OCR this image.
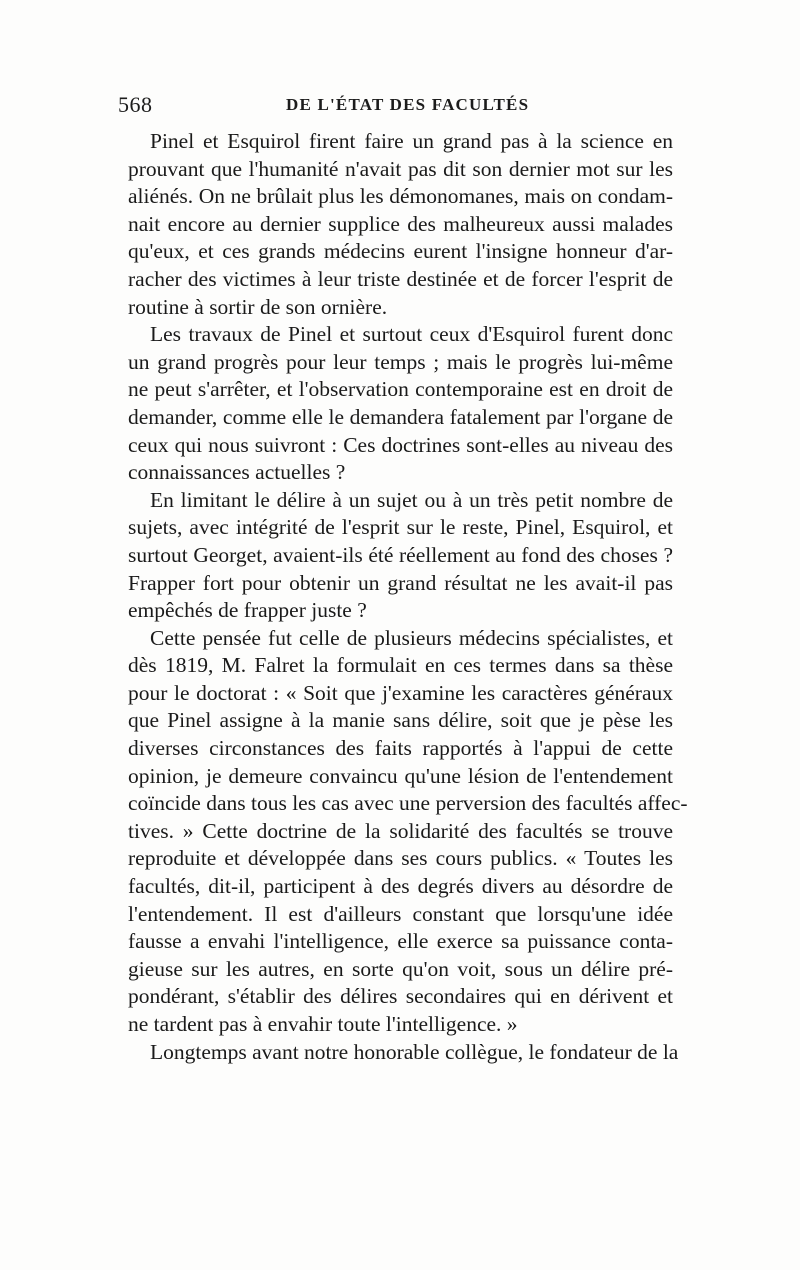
568	DE L'ÉTAT DES FACULTÉS

Pinel et Esquirol firent faire un grand pas à la science en
prouvant que l'humanité n'avait pas dit son dernier mot sur les
aliénés. On ne brûlait plus les démonomanes, mais on condam-
nait encore au dernier supplice des malheureux aussi malades
qu'eux, et ces grands médecins eurent l'insigne honneur d'ar-
racher des victimes à leur triste destinée et de forcer l'esprit de
routine à sortir de son ornière.

Les travaux de Pinel et surtout ceux d'Esquirol furent donc
un grand progrès pour leur temps ; mais le progrès lui-même
ne peut s'arrêter, et l'observation contemporaine est en droit de
demander, comme elle le demandera fatalement par l'organe de
ceux qui nous suivront : Ces doctrines sont-elles au niveau des
connaissances actuelles ?

En limitant le délire à un sujet ou à un très petit nombre de
sujets, avec intégrité de l'esprit sur le reste, Pinel, Esquirol, et
surtout Georget, avaient-ils été réellement au fond des choses ?
Frapper fort pour obtenir un grand résultat ne les avait-il pas
empêchés de frapper juste ?

Cette pensée fut celle de plusieurs médecins spécialistes, et
dès 1819, M. Falret la formulait en ces termes dans sa thèse
pour le doctorat : « Soit que j'examine les caractères généraux
que Pinel assigne à la manie sans délire, soit que je pèse les
diverses circonstances des faits rapportés à l'appui de cette
opinion, je demeure convaincu qu'une lésion de l'entendement
coïncide dans tous les cas avec une perversion des facultés affec-
tives. » Cette doctrine de la solidarité des facultés se trouve
reproduite et développée dans ses cours publics. « Toutes les
facultés, dit-il, participent à des degrés divers au désordre de
l'entendement. Il est d'ailleurs constant que lorsqu'une idée
fausse a envahi l'intelligence, elle exerce sa puissance conta-
gieuse sur les autres, en sorte qu'on voit, sous un délire pré-
pondérant, s'établir des délires secondaires qui en dérivent et
ne tardent pas à envahir toute l'intelligence. »

Longtemps avant notre honorable collègue, le fondateur de la
